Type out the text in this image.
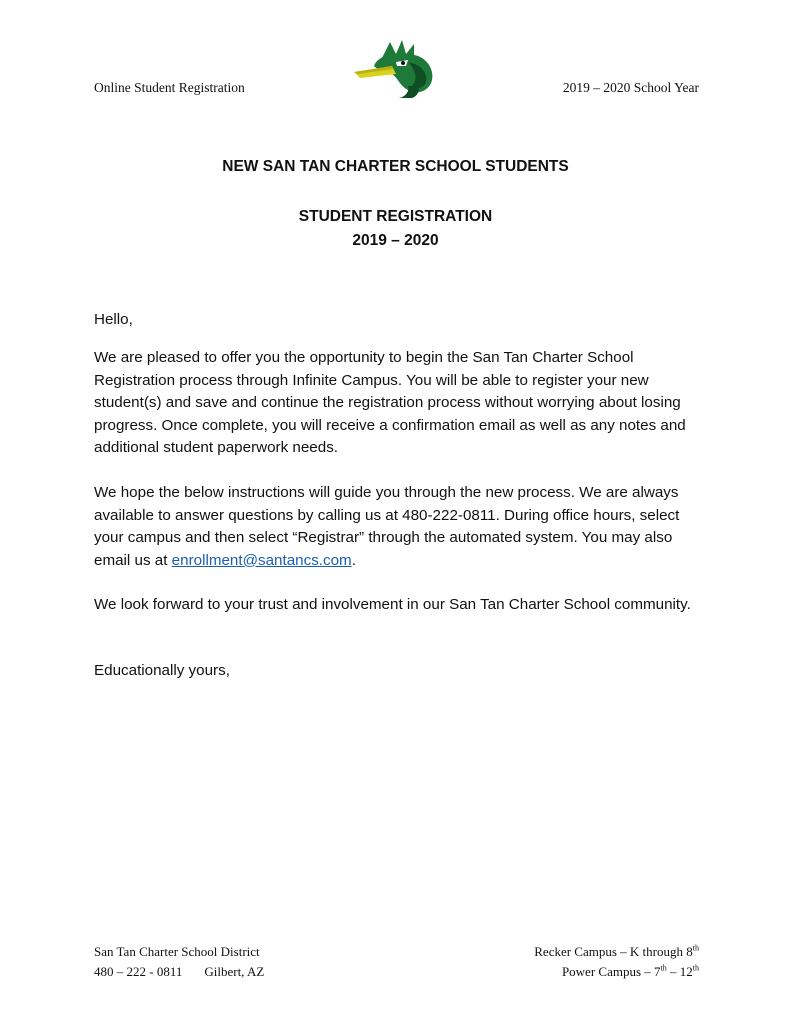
Online Student Registration	2019 – 2020 School Year
NEW SAN TAN CHARTER SCHOOL STUDENTS
STUDENT REGISTRATION
2019 – 2020
Hello,
We are pleased to offer you the opportunity to begin the San Tan Charter School Registration process through Infinite Campus. You will be able to register your new student(s) and save and continue the registration process without worrying about losing progress. Once complete, you will receive a confirmation email as well as any notes and additional student paperwork needs.
We hope the below instructions will guide you through the new process. We are always available to answer questions by calling us at 480-222-0811. During office hours, select your campus and then select “Registrar” through the automated system. You may also email us at enrollment@santancs.com.
We look forward to your trust and involvement in our San Tan Charter School community.
Educationally yours,
San Tan Charter School District
480 – 222 - 0811 Gilbert, AZ
Recker Campus – K through 8th
Power Campus – 7th – 12th
